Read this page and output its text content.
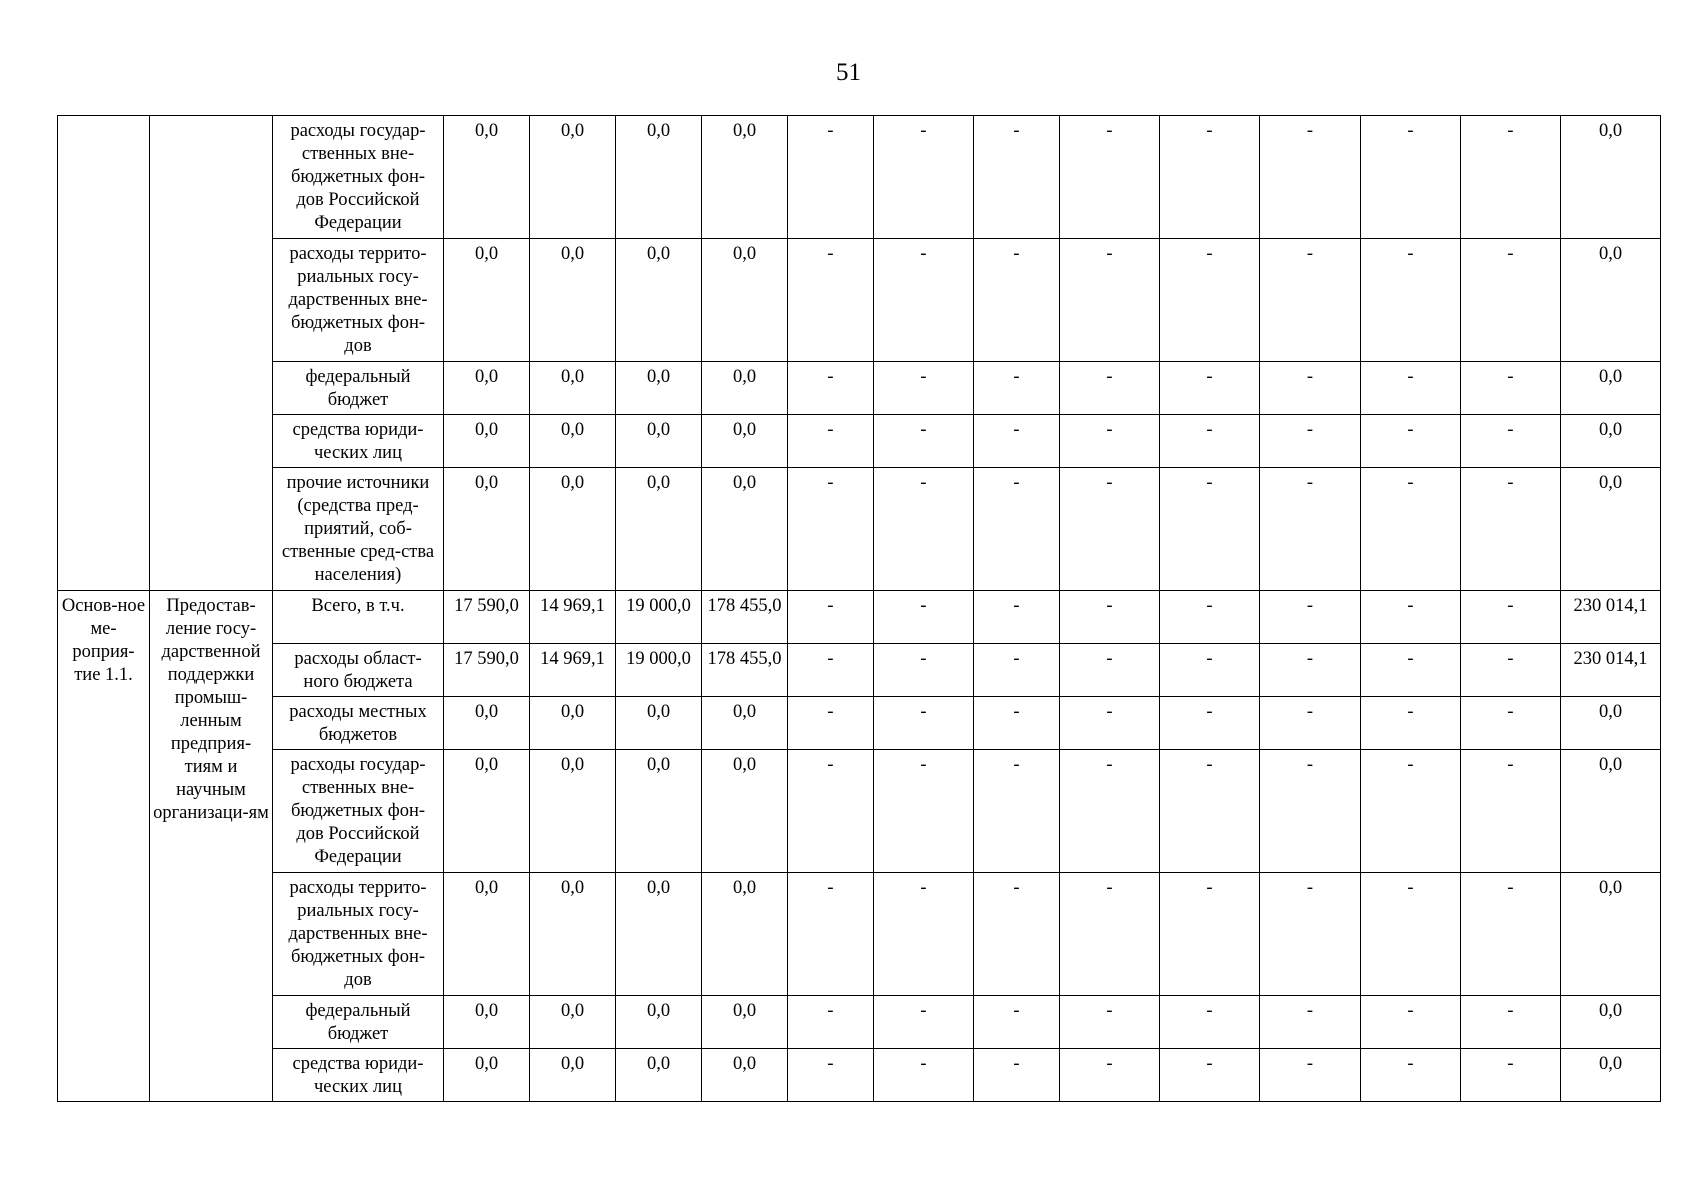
51
		расходы государ-ственных вне-бюджетных фон-дов Российской Федерации	0,0	0,0	0,0	0,0	-	-	-	-	-	-	-	-	0,0
		расходы террито-риальных госу-дарственных вне-бюджетных фон-дов	0,0	0,0	0,0	0,0	-	-	-	-	-	-	-	-	0,0
		федеральный бюджет	0,0	0,0	0,0	0,0	-	-	-	-	-	-	-	-	0,0
		средства юриди-ческих лиц	0,0	0,0	0,0	0,0	-	-	-	-	-	-	-	-	0,0
		прочие источники (средства пред-приятий, соб-ственные сред-ства населения)	0,0	0,0	0,0	0,0	-	-	-	-	-	-	-	-	0,0
Основ-ное ме-роприя-тие 1.1.	Предостав-ление госу-дарственной поддержки промыш-ленным предприя-тиям и научным организаци-ям	Всего, в т.ч.	17 590,0	14 969,1	19 000,0	178 455,0	-	-	-	-	-	-	-	-	230 014,1
		расходы област-ного бюджета	17 590,0	14 969,1	19 000,0	178 455,0	-	-	-	-	-	-	-	-	230 014,1
		расходы местных бюджетов	0,0	0,0	0,0	0,0	-	-	-	-	-	-	-	-	0,0
		расходы государ-ственных вне-бюджетных фон-дов Российской Федерации	0,0	0,0	0,0	0,0	-	-	-	-	-	-	-	-	0,0
		расходы террито-риальных госу-дарственных вне-бюджетных фон-дов	0,0	0,0	0,0	0,0	-	-	-	-	-	-	-	-	0,0
		федеральный бюджет	0,0	0,0	0,0	0,0	-	-	-	-	-	-	-	-	0,0
		средства юриди-ческих лиц	0,0	0,0	0,0	0,0	-	-	-	-	-	-	-	-	0,0
